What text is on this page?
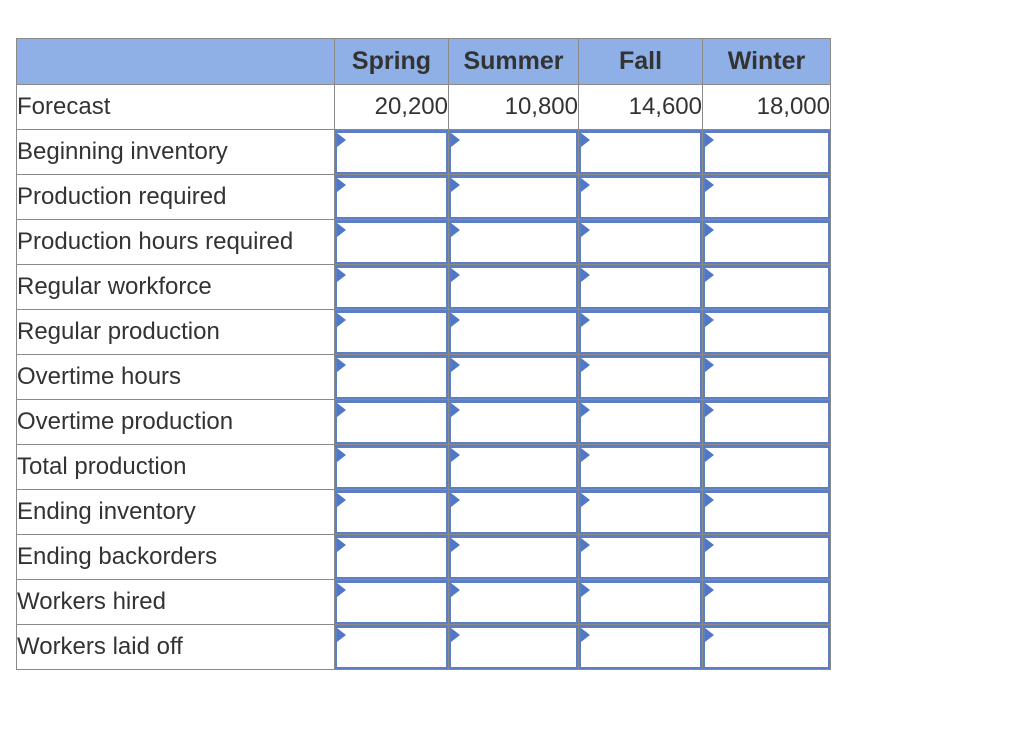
	Spring	Summer	Fall	Winter
Forecast	20,200	10,800	14,600	18,000
Beginning inventory	

Production required	

Production hours required	

Regular workforce	

Regular production	

Overtime hours	

Overtime production	

Total production	

Ending inventory	

Ending backorders	

Workers hired	

Workers laid off	
